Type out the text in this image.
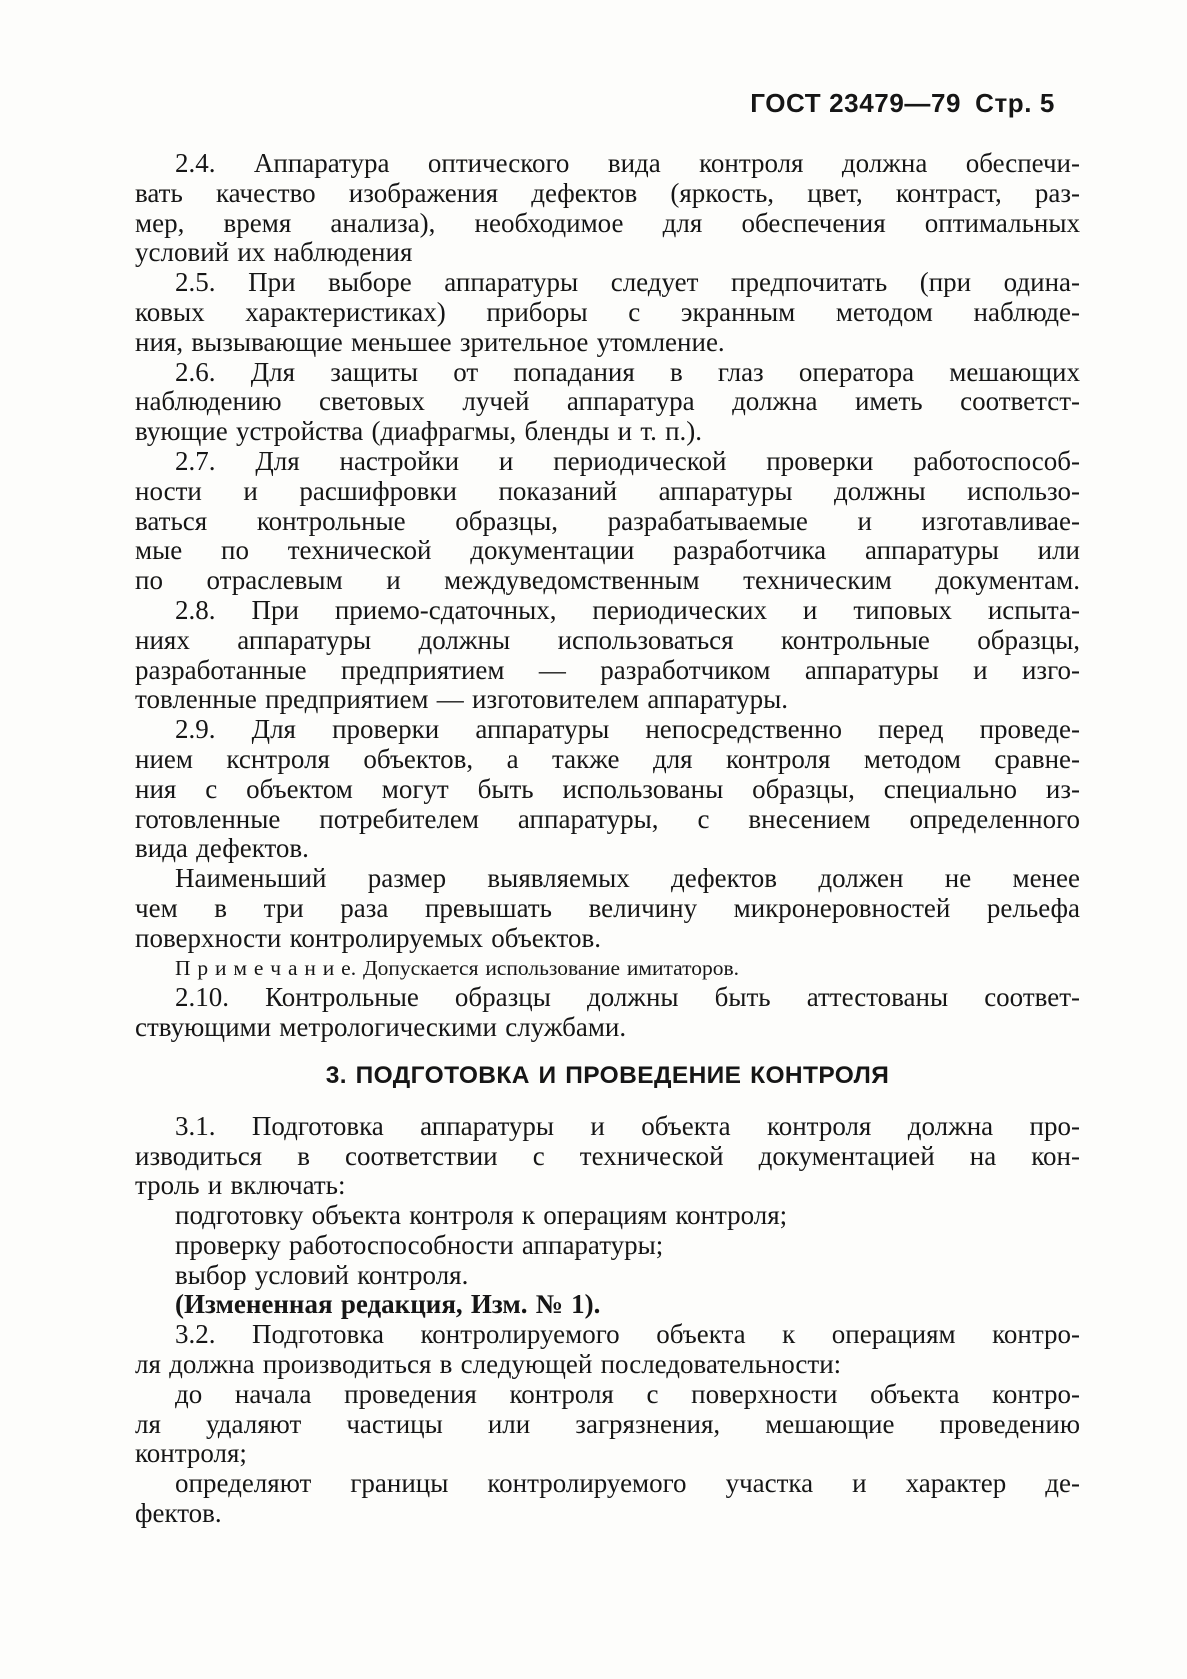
ГОСТ 23479—79 Стр. 5
2.4. Аппаратура оптического вида контроля должна обеспечи-
вать качество изображения дефектов (яркость, цвет, контраст, раз-
мер, время анализа), необходимое для обеспечения оптимальных
условий их наблюдения
2.5. При выборе аппаратуры следует предпочитать (при одина-
ковых характеристиках) приборы с экранным методом наблюде-
ния, вызывающие меньшее зрительное утомление.
2.6. Для защиты от попадания в глаз оператора мешающих
наблюдению световых лучей аппаратура должна иметь соответст-
вующие устройства (диафрагмы, бленды и т. п.).
2.7. Для настройки и периодической проверки работоспособ-
ности и расшифровки показаний аппаратуры должны использо-
ваться контрольные образцы, разрабатываемые и изготавливае-
мые по технической документации разработчика аппаратуры или
по отраслевым и междуведомственным техническим документам.
2.8. При приемо-сдаточных, периодических и типовых испыта-
ниях аппаратуры должны использоваться контрольные образцы,
разработанные предприятием — разработчиком аппаратуры и изго-
товленные предприятием — изготовителем аппаратуры.
2.9. Для проверки аппаратуры непосредственно перед проведе-
нием кснтроля объектов, а также для контроля методом сравне-
ния с объектом могут быть использованы образцы, специально из-
готовленные потребителем аппаратуры, с внесением определенного
вида дефектов.
Наименьший размер выявляемых дефектов должен не менее
чем в три раза превышать величину микронеровностей рельефа
поверхности контролируемых объектов.
П р и м е ч а н и е. Допускается использование имитаторов.
2.10. Контрольные образцы должны быть аттестованы соответ-
ствующими метрологическими службами.
3. ПОДГОТОВКА И ПРОВЕДЕНИЕ КОНТРОЛЯ
3.1. Подготовка аппаратуры и объекта контроля должна про-
изводиться в соответствии с технической документацией на кон-
троль и включать:
подготовку объекта контроля к операциям контроля;
проверку работоспособности аппаратуры;
выбор условий контроля.
(Измененная редакция, Изм. № 1).
3.2. Подготовка контролируемого объекта к операциям контро-
ля должна производиться в следующей последовательности:
до начала проведения контроля с поверхности объекта контро-
ля удаляют частицы или загрязнения, мешающие проведению
контроля;
определяют границы контролируемого участка и характер де-
фектов.
